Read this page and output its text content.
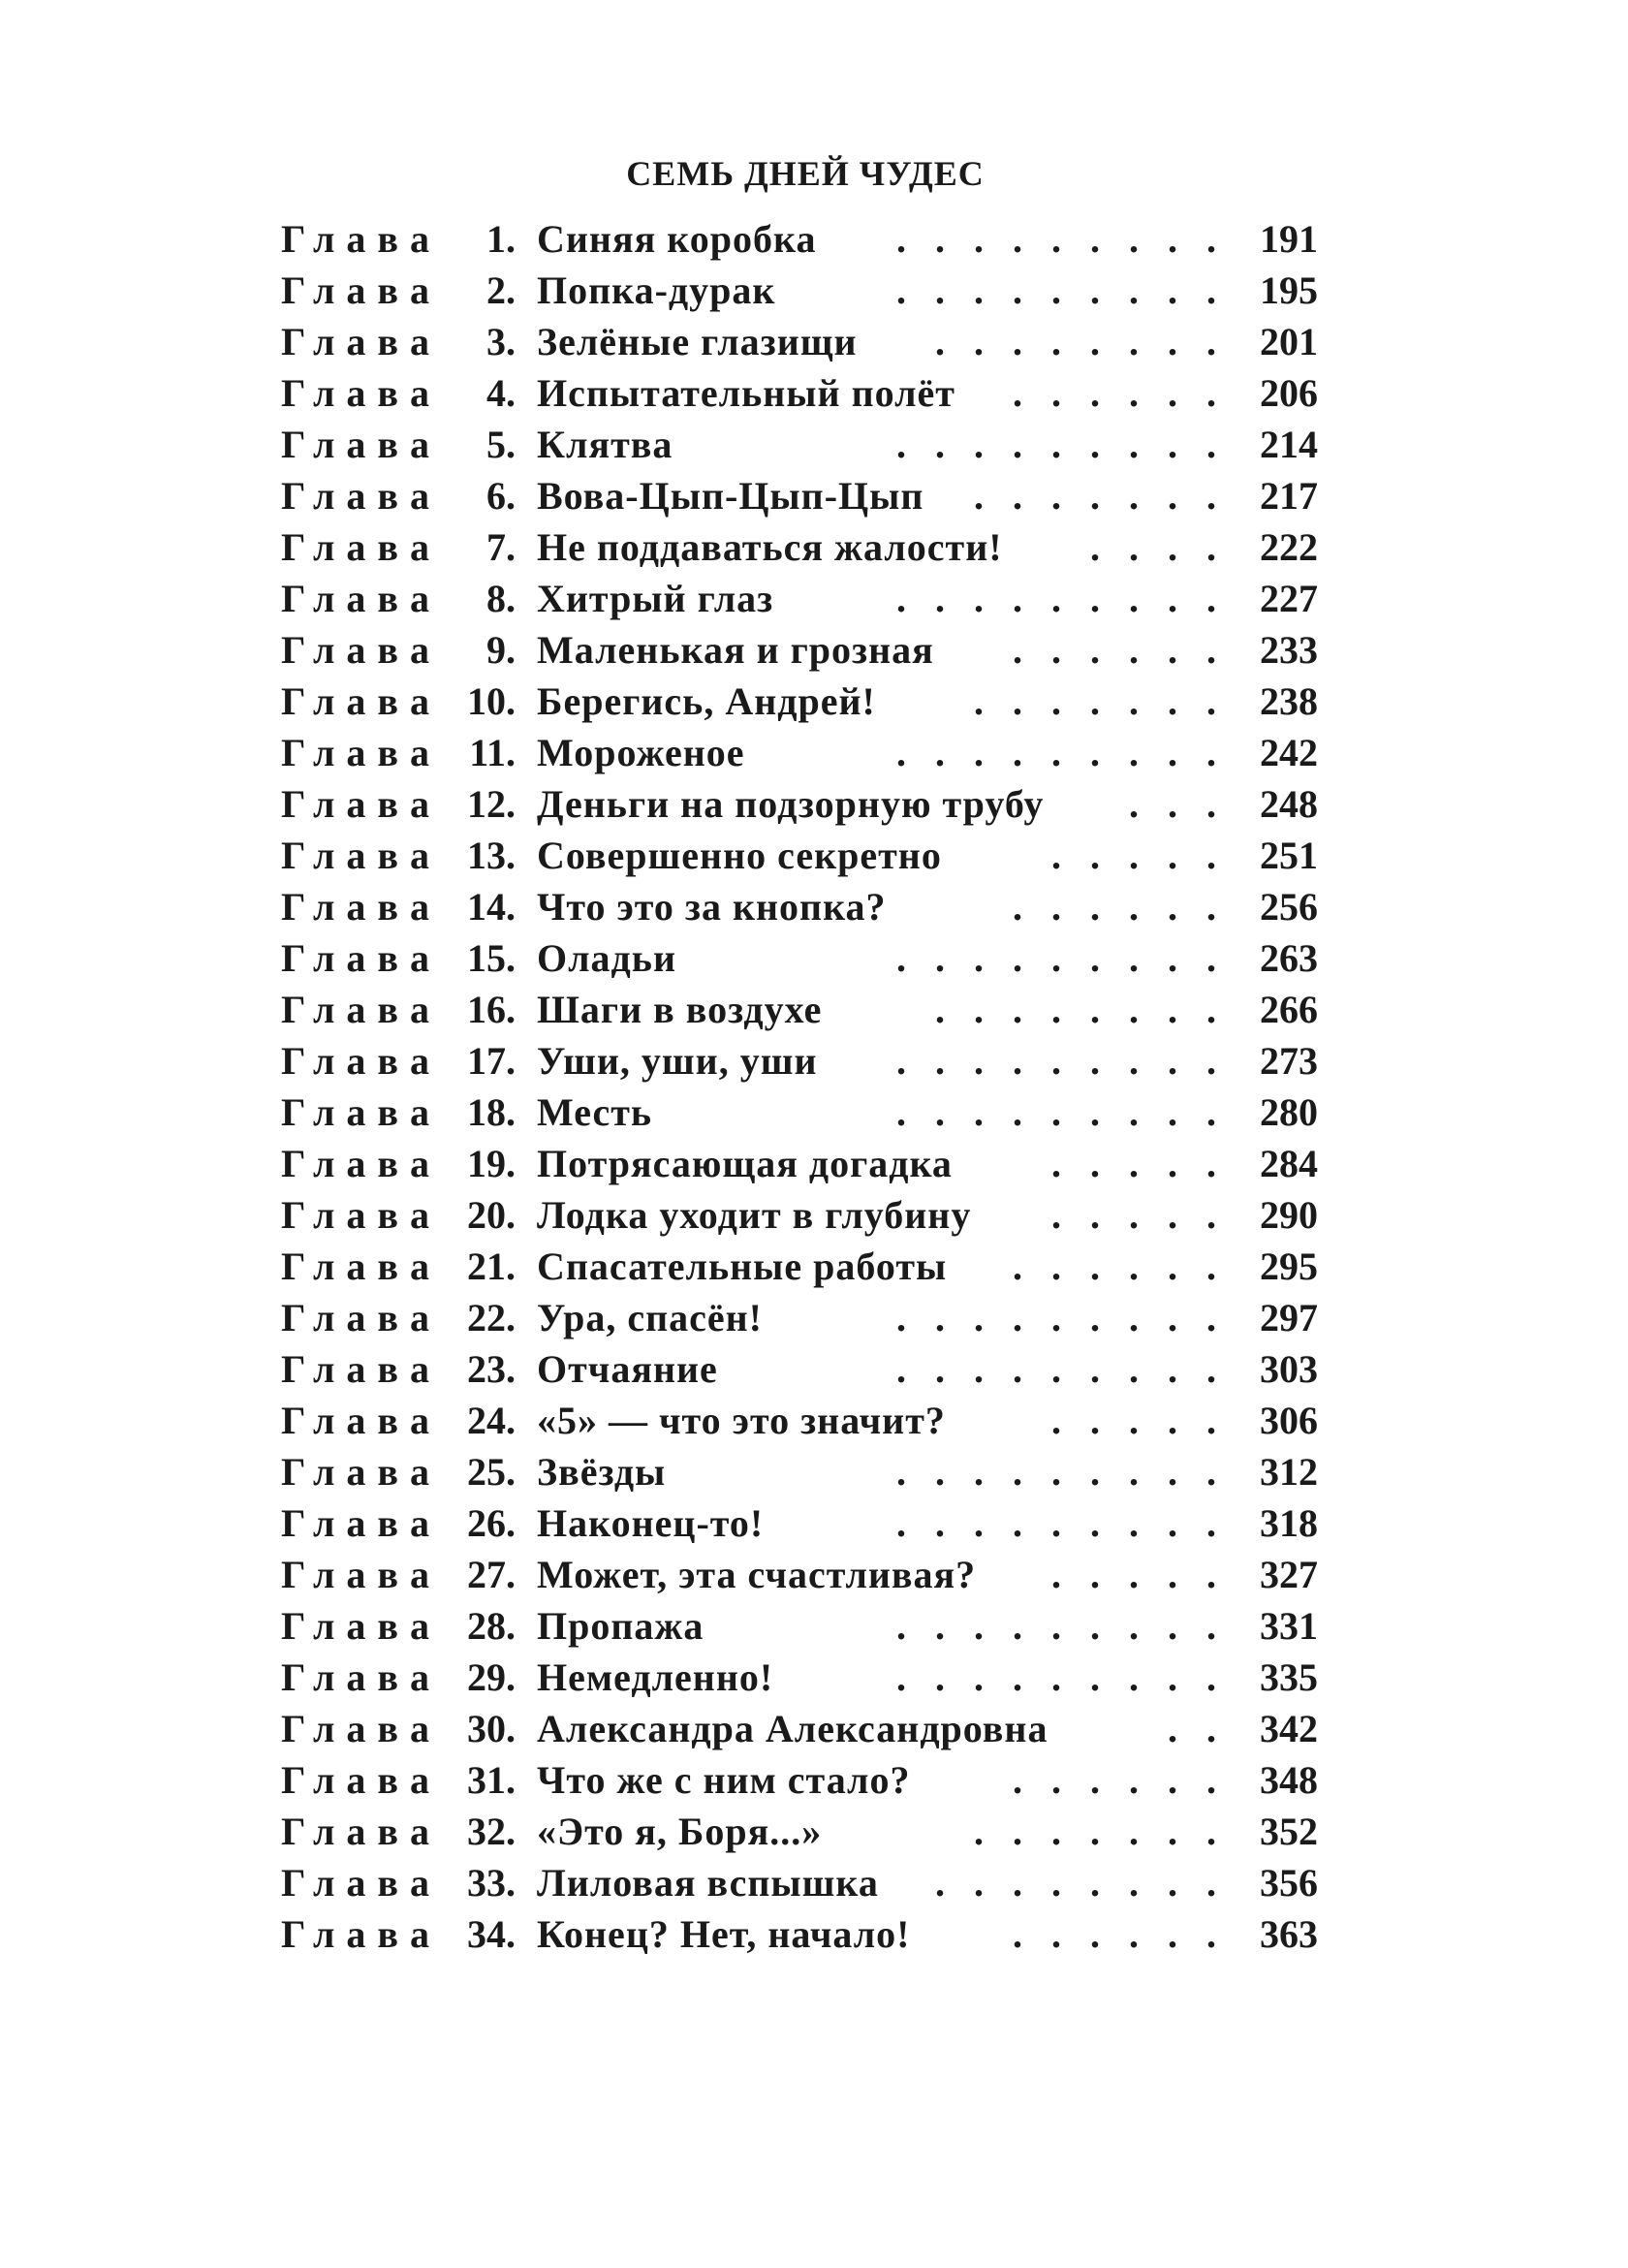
СЕМЬ ДНЕЙ ЧУДЕС
. . . . . . . . .
Глава	1. Синяя коробка	191
. . . . . . . . .
Глава	2. Попка-дурак	195
. . . . . . . .
Глава	3. Зелёные глазищи	201
. . . . . .
Глава	4. Испытательный полёт	206
. . . . . . . . .
Глава	5. Клятва	214
. . . . . . .
Глава	6. Вова-Цып-Цып-Цып	217
. . . .
Глава	7. Не поддаваться жалости!	222
. . . . . . . . .
Глава	8. Хитрый глаз	227
. . . . . .
Глава	9. Маленькая и грозная	233
. . . . . . .
Глава 10. Берегись, Андрей!	238
. . . . . . . . .
Глава 11. Мороженое	242
. . .
Глава 12. Деньги на подзорную трубу	248
. . . . .
Глава 13. Совершенно секретно	251
. . . . . .
Глава 14. Что это за кнопка?	256
. . . . . . . . .
Глава 15. Оладьи	263
. . . . . . . .
Глава 16. Шаги в воздухе	266
. . . . . . . . .
Глава 17. Уши, уши, уши	273
. . . . . . . . .
Глава 18. Месть	280
. . . . .
Глава 19. Потрясающая догадка	284
. . . . .
Глава 20. Лодка уходит в глубину	290
. . . . . .
Глава 21. Спасательные работы	295
. . . . . . . . .
Глава 22. Ура, спасён!	297
. . . . . . . . .
Глава 23. Отчаяние	303
. . . . .
Глава 24. «5» — что это значит?	306
. . . . . . . . .
Глава 25. Звёзды	312
. . . . . . . . .
Глава 26. Наконец-то!	318
. . . . .
Глава 27. Может, эта счастливая?	327
. . . . . . . . .
Глава 28. Пропажа	331
. . . . . . . . .
Глава 29. Немедленно!	335
. .
Глава 30. Александра Александровна	342
. . . . . .
Глава 31. Что же с ним стало?	348
. . . . . . .
Глава 32. «Это я, Боря...»	352
. . . . . . . .
Глава 33. Лиловая вспышка	356
. . . . . .
Глава 34. Конец? Нет, начало!	363
